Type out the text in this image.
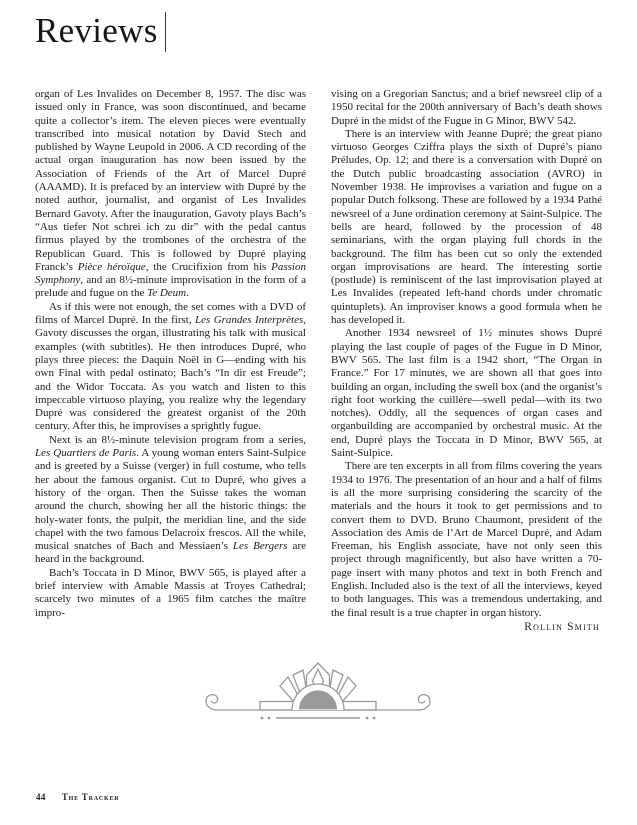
Reviews

organ of Les Invalides on December 8, 1957. The disc was issued only in France, was soon discontinued, and became quite a collector’s item. The eleven pieces were eventually transcribed into musical notation by David Stech and published by Wayne Leupold in 2006. A CD recording of the actual organ inauguration has now been issued by the Association of Friends of the Art of Marcel Dupré (AAAMD). It is prefaced by an interview with Dupré by the noted author, journalist, and organist of Les Invalides Bernard Gavoty. After the inauguration, Gavoty plays Bach’s “Aus tiefer Not schrei ich zu dir” with the pedal cantus firmus played by the trombones of the orchestra of the Republican Guard. This is followed by Dupré playing Franck’s Pièce héroïque, the Crucifixion from his Passion Symphony, and an 8½-minute improvisation in the form of a prelude and fugue on the Te Deum.

As if this were not enough, the set comes with a DVD of films of Marcel Dupré. In the first, Les Grandes Interprètes, Gavoty discusses the organ, illustrating his talk with musical examples (with subtitles). He then introduces Dupré, who plays three pieces: the Daquin Noël in G—ending with his own Final with pedal ostinato; Bach’s “In dir est Freude”; and the Widor Toccata. As you watch and listen to this impeccable virtuoso playing, you realize why the legendary Dupré was considered the greatest organist of the 20th century. After this, he improvises a sprightly fugue.

Next is an 8½-minute television program from a series, Les Quartiers de Paris. A young woman enters Saint-Sulpice and is greeted by a Suisse (verger) in full costume, who tells her about the famous organist. Cut to Dupré, who gives a history of the organ. Then the Suisse takes the woman around the church, showing her all the historic things: the holy-water fonts, the pulpit, the meridian line, and the side chapel with the two famous Delacroix frescos. All the while, musical snatches of Bach and Messiaen’s Les Bergers are heard in the background.

Bach’s Toccata in D Minor, BWV 565, is played after a brief interview with Amable Massis at Troyes Cathedral; scarcely two minutes of a 1965 film catches the maître impro-

vising on a Gregorian Sanctus; and a brief newsreel clip of a 1950 recital for the 200th anniversary of Bach’s death shows Dupré in the midst of the Fugue in G Minor, BWV 542.

There is an interview with Jeanne Dupré; the great piano virtuoso Georges Cziffra plays the sixth of Dupré’s piano Préludes, Op. 12; and there is a conversation with Dupré on the Dutch public broadcasting association (AVRO) in November 1938. He improvises a variation and fugue on a popular Dutch folksong. These are followed by a 1934 Pathé newsreel of a June ordination ceremony at Saint-Sulpice. The bells are heard, followed by the procession of 48 seminarians, with the organ playing full chords in the background. The film has been cut so only the extended organ improvisations are heard. The interesting sortie (postlude) is reminiscent of the last improvisation played at Les Invalides (repeated left-hand chords under chromatic quintuplets). An improviser knows a good formula when he has developed it.

Another 1934 newsreel of 1½ minutes shows Dupré playing the last couple of pages of the Fugue in D Minor, BWV 565. The last film is a 1942 short, “The Organ in France.” For 17 minutes, we are shown all that goes into building an organ, including the swell box (and the organist’s right foot working the cuillère—swell pedal—with its two notches). Oddly, all the sequences of organ cases and organbuilding are accompanied by orchestral music. At the end, Dupré plays the Toccata in D Minor, BWV 565, at Saint-Sulpice.

There are ten excerpts in all from films covering the years 1934 to 1976. The presentation of an hour and a half of films is all the more surprising considering the scarcity of the materials and the hours it took to get permissions and to convert them to DVD. Bruno Chaumont, president of the Association des Amis de l’Art de Marcel Dupré, and Adam Freeman, his English associate, have not only seen this project through magnificently, but also have written a 70-page insert with many photos and text in both French and English. Included also is the text of all the interviews, keyed to both languages. This was a tremendous undertaking, and the final result is a true chapter in organ history.

Rollin Smith
44 The Tracker
